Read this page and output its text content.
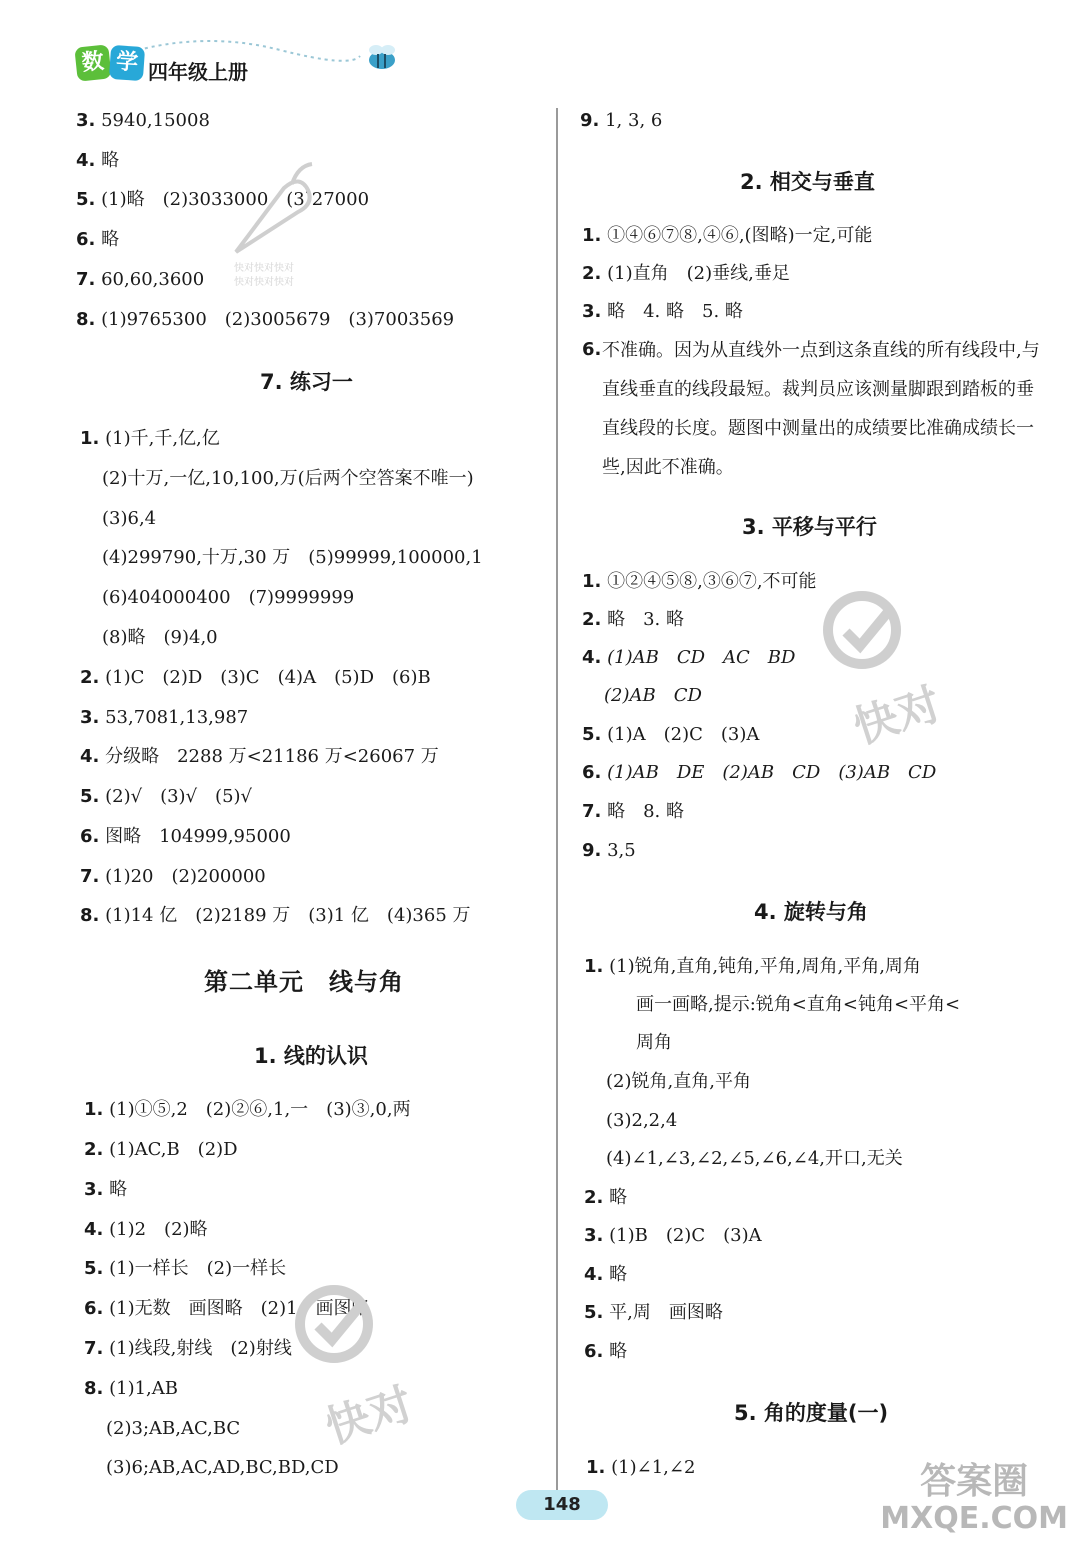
数 学 四年级上册
3. 5940,15008
4. 略
5. (1)略　(2)3033000　(3)27000
6. 略
7. 60,60,3600
8. (1)9765300　(2)3005679　(3)7003569
7. 练习一
1. (1)千,千,亿,亿
(2)十万,一亿,10,100,万(后两个空答案不唯一)
(3)6,4
(4)299790,十万,30 万　(5)99999,100000,1
(6)404000400　(7)9999999
(8)略　(9)4,0
2. (1)C　(2)D　(3)C　(4)A　(5)D　(6)B
3. 53,7081,13,987
4. 分级略　2288 万<21186 万<26067 万
5. (2)√　(3)√　(5)√
6. 图略　104999,95000
7. (1)20　(2)200000
8. (1)14 亿　(2)2189 万　(3)1 亿　(4)365 万
第二单元　线与角
1. 线的认识
1. (1)①⑤,2　(2)②⑥,1,一　(3)③,0,两
2. (1)AC,B　(2)D
3. 略
4. (1)2　(2)略
5. (1)一样长　(2)一样长
6. (1)无数　画图略　(2)1　画图略
7. (1)线段,射线　(2)射线
8. (1)1,AB
(2)3;AB,AC,BC
(3)6;AB,AC,AD,BC,BD,CD
9. 1, 3, 6
2. 相交与垂直
1. ①④⑥⑦⑧,④⑥,(图略)一定,可能
2. (1)直角　(2)垂线,垂足
3. 略　4. 略　5. 略
6. 不准确。因为从直线外一点到这条直线的所有线段中,与直线垂直的线段最短。裁判员应该测量脚跟到踏板的垂直线段的长度。题图中测量出的成绩要比准确成绩长一些,因此不准确。
3. 平移与平行
1. ①②④⑤⑧,③⑥⑦,不可能
2. 略　3. 略
4. (1)AB　CD　AC　BD
(2)AB　CD
5. (1)A　(2)C　(3)A
6. (1)AB　DE　(2)AB　CD　(3)AB　CD
7. 略　8. 略
9. 3,5
4. 旋转与角
1. (1)锐角,直角,钝角,平角,周角,平角,周角
画一画略,提示:锐角<直角<钝角<平角<
周角
(2)锐角,直角,平角
(3)2,2,4
(4)∠1,∠3,∠2,∠5,∠6,∠4,开口,无关
2. 略
3. (1)B　(2)C　(3)A
4. 略
5. 平,周　画图略
6. 略
5. 角的度量(一)
1. (1)∠1,∠2
快对快对快对
快对快对快对
快对
快对
148
答案圈
MXQE.COM
